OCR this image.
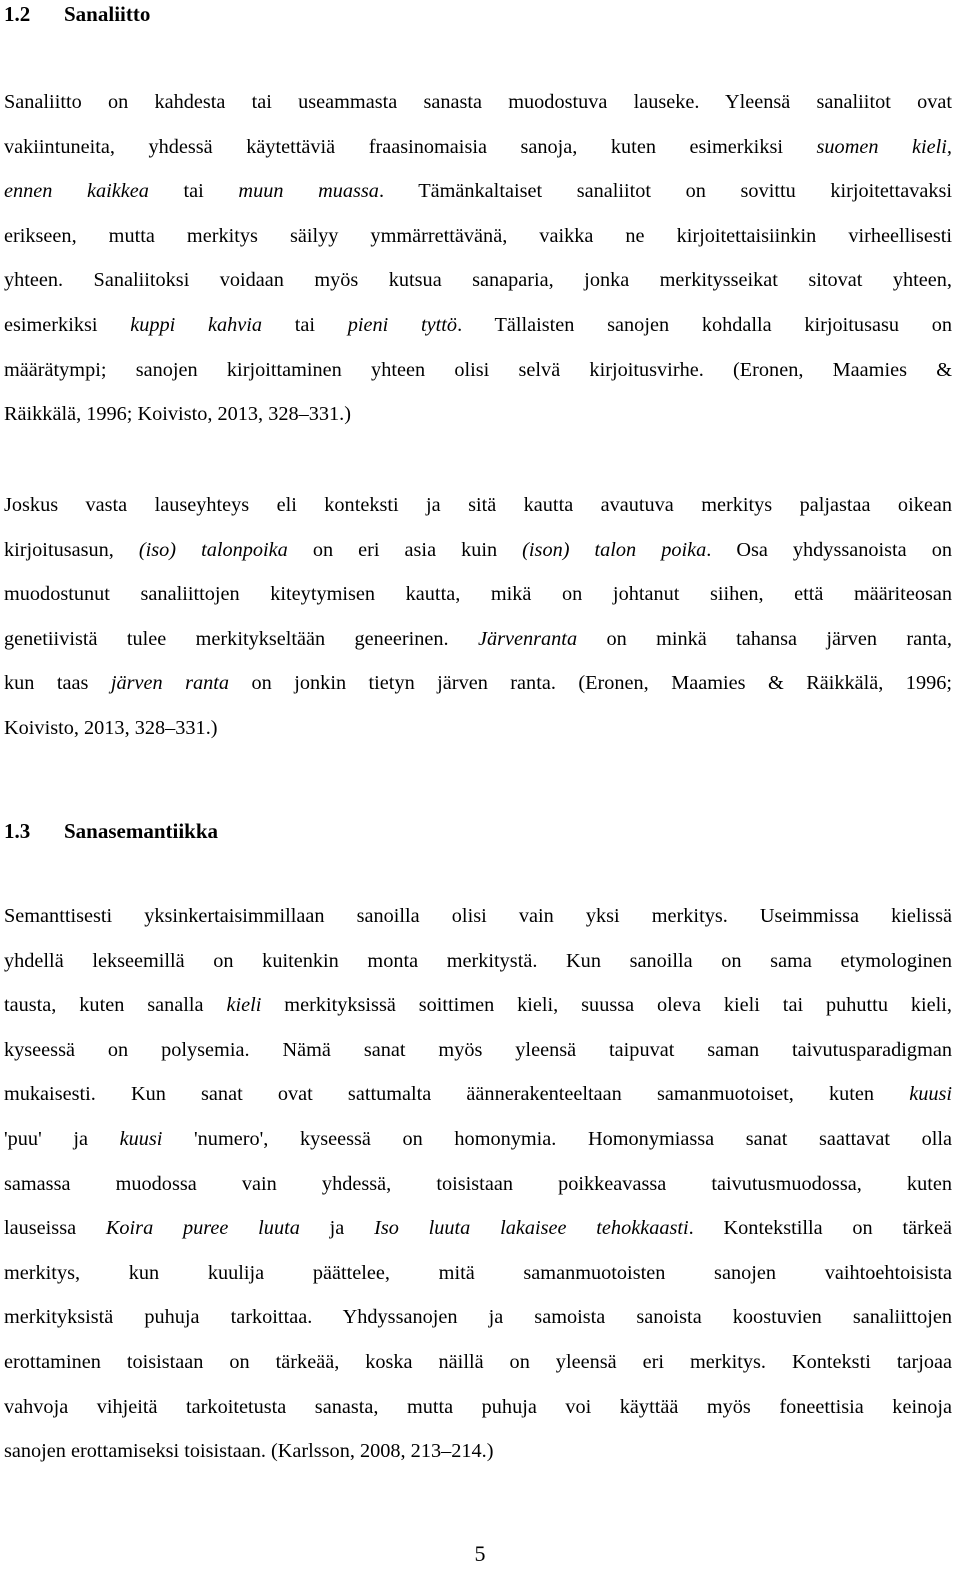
1.2 Sanaliitto
Sanaliitto on kahdesta tai useammasta sanasta muodostuva lauseke. Yleensä sanaliitot ovat
vakiintuneita, yhdessä käytettäviä fraasinomaisia sanoja, kuten esimerkiksi suomen kieli,
ennen kaikkea tai muun muassa. Tämänkaltaiset sanaliitot on sovittu kirjoitettavaksi
erikseen, mutta merkitys säilyy ymmärrettävänä, vaikka ne kirjoitettaisiinkin virheellisesti
yhteen. Sanaliitoksi voidaan myös kutsua sanaparia, jonka merkitysseikat sitovat yhteen,
esimerkiksi kuppi kahvia tai pieni tyttö. Tällaisten sanojen kohdalla kirjoitusasu on
määrätympi; sanojen kirjoittaminen yhteen olisi selvä kirjoitusvirhe. (Eronen, Maamies &
Räikkälä, 1996; Koivisto, 2013, 328–331.)
Joskus vasta lauseyhteys eli konteksti ja sitä kautta avautuva merkitys paljastaa oikean
kirjoitusasun, (iso) talonpoika on eri asia kuin (ison) talon poika. Osa yhdyssanoista on
muodostunut sanaliittojen kiteytymisen kautta, mikä on johtanut siihen, että määriteosan
genetiivistä tulee merkitykseltään geneerinen. Järvenranta on minkä tahansa järven ranta,
kun taas järven ranta on jonkin tietyn järven ranta. (Eronen, Maamies & Räikkälä, 1996;
Koivisto, 2013, 328–331.)
1.3 Sanasemantiikka
Semanttisesti yksinkertaisimmillaan sanoilla olisi vain yksi merkitys. Useimmissa kielissä
yhdellä lekseemillä on kuitenkin monta merkitystä. Kun sanoilla on sama etymologinen
tausta, kuten sanalla kieli merkityksissä soittimen kieli, suussa oleva kieli tai puhuttu kieli,
kyseessä on polysemia. Nämä sanat myös yleensä taipuvat saman taivutusparadigman
mukaisesti. Kun sanat ovat sattumalta äännerakenteeltaan samanmuotoiset, kuten kuusi
'puu' ja kuusi 'numero', kyseessä on homonymia. Homonymiassa sanat saattavat olla
samassa muodossa vain yhdessä, toisistaan poikkeavassa taivutusmuodossa, kuten
lauseissa Koira puree luuta ja Iso luuta lakaisee tehokkaasti. Kontekstilla on tärkeä
merkitys, kun kuulija päättelee, mitä samanmuotoisten sanojen vaihtoehtoisista
merkityksistä puhuja tarkoittaa. Yhdyssanojen ja samoista sanoista koostuvien sanaliittojen
erottaminen toisistaan on tärkeää, koska näillä on yleensä eri merkitys. Konteksti tarjoaa
vahvoja vihjeitä tarkoitetusta sanasta, mutta puhuja voi käyttää myös foneettisia keinoja
sanojen erottamiseksi toisistaan. (Karlsson, 2008, 213–214.)
5
